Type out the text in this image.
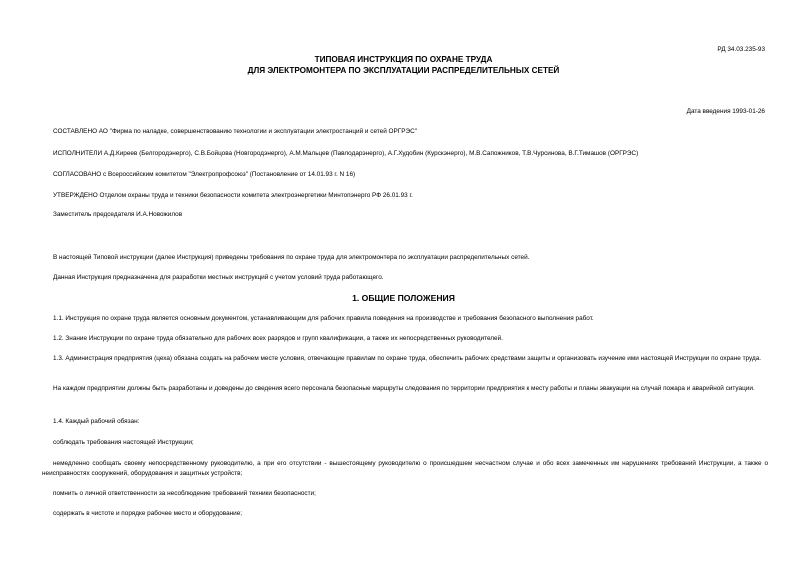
РД 34.03.235-93
ТИПОВАЯ ИНСТРУКЦИЯ ПО ОХРАНЕ ТРУДА
ДЛЯ ЭЛЕКТРОМОНТЕРА ПО ЭКСПЛУАТАЦИИ РАСПРЕДЕЛИТЕЛЬНЫХ СЕТЕЙ
Дата введения 1993-01-26
СОСТАВЛЕНО АО "Фирма по наладке, совершенствованию технологии и эксплуатации электростанций и сетей ОРГРЭС"
ИСПОЛНИТЕЛИ А.Д.Киреев (Белгородэнерго), С.В.Бойцова (Новгородэнерго), А.М.Мальцев (Павлодарэнерго), А.Г.Худобин (Курскэнерго), М.В.Сапожников, Т.В.Чурсинова, В.Г.Тимашов (ОРГРЭС)
СОГЛАСОВАНО с Всероссийским комитетом "Электропрофсоюз" (Постановление от 14.01.93 г. N 16)
УТВЕРЖДЕНО Отделом охраны труда и техники безопасности комитета электроэнергетики Минтопэнерго РФ 26.01.93 г.
Заместитель председателя И.А.Новожилов
В настоящей Типовой инструкции (далее Инструкция) приведены требования по охране труда для электромонтера по эксплуатации распределительных сетей.
Данная Инструкция предназначена для разработки местных инструкций с учетом условий труда работающего.
1. ОБЩИЕ ПОЛОЖЕНИЯ
1.1. Инструкция по охране труда является основным документом, устанавливающим для рабочих правила поведения на производстве и требования безопасного выполнения работ.
1.2. Знание Инструкции по охране труда обязательно для рабочих всех разрядов и групп квалификации, а также их непосредственных руководителей.
1.3. Администрация предприятия (цеха) обязана создать на рабочем месте условия, отвечающие правилам по охране труда, обеспечить рабочих средствами защиты и организовать изучение ими настоящей Инструкции по охране труда.
На каждом предприятии должны быть разработаны и доведены до сведения всего персонала безопасные маршруты следования по территории предприятия к месту работы и планы эвакуации на случай пожара и аварийной ситуации.
1.4. Каждый рабочий обязан:
соблюдать требования настоящей Инструкции;
немедленно сообщать своему непосредственному руководителю, а при его отсутствии - вышестоящему руководителю о происшедшем несчастном случае и обо всех замеченных им нарушениях требований Инструкции, а также о неисправностях сооружений, оборудования и защитных устройств;
помнить о личной ответственности за несоблюдение требований техники безопасности;
содержать в чистоте и порядке рабочее место и оборудование;
